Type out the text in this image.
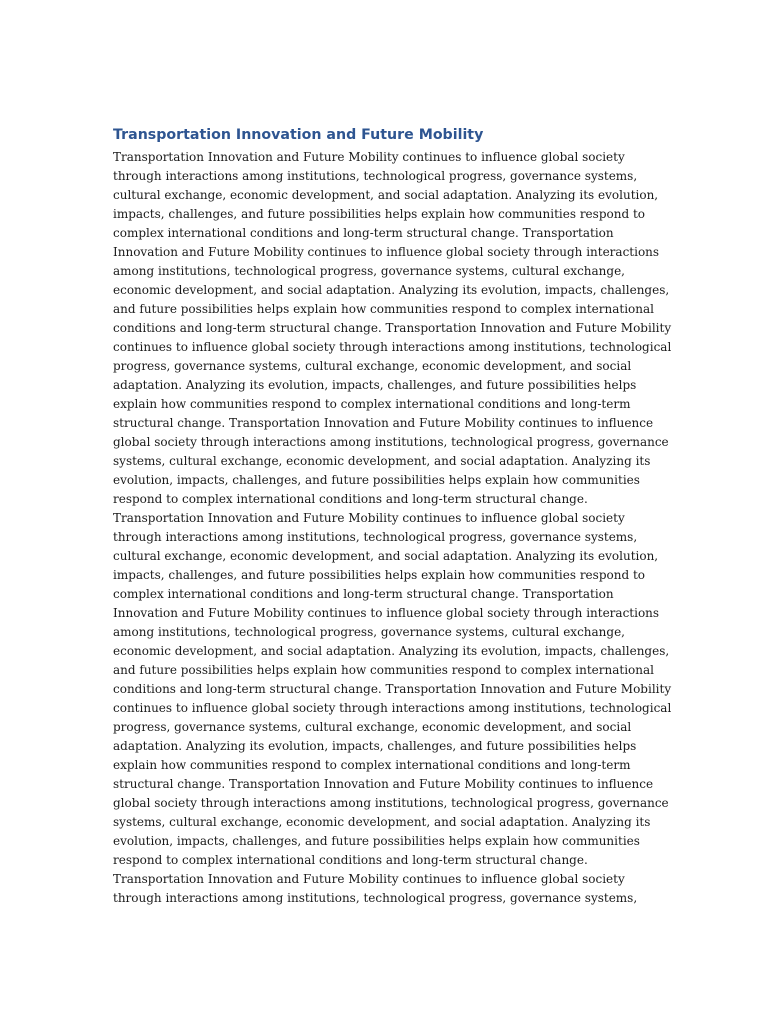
Transportation Innovation and Future Mobility
Transportation Innovation and Future Mobility continues to influence global society
through interactions among institutions, technological progress, governance systems,
cultural exchange, economic development, and social adaptation. Analyzing its evolution,
impacts, challenges, and future possibilities helps explain how communities respond to
complex international conditions and long-term structural change. Transportation
Innovation and Future Mobility continues to influence global society through interactions
among institutions, technological progress, governance systems, cultural exchange,
economic development, and social adaptation. Analyzing its evolution, impacts, challenges,
and future possibilities helps explain how communities respond to complex international
conditions and long-term structural change. Transportation Innovation and Future Mobility
continues to influence global society through interactions among institutions, technological
progress, governance systems, cultural exchange, economic development, and social
adaptation. Analyzing its evolution, impacts, challenges, and future possibilities helps
explain how communities respond to complex international conditions and long-term
structural change. Transportation Innovation and Future Mobility continues to influence
global society through interactions among institutions, technological progress, governance
systems, cultural exchange, economic development, and social adaptation. Analyzing its
evolution, impacts, challenges, and future possibilities helps explain how communities
respond to complex international conditions and long-term structural change.
Transportation Innovation and Future Mobility continues to influence global society
through interactions among institutions, technological progress, governance systems,
cultural exchange, economic development, and social adaptation. Analyzing its evolution,
impacts, challenges, and future possibilities helps explain how communities respond to
complex international conditions and long-term structural change. Transportation
Innovation and Future Mobility continues to influence global society through interactions
among institutions, technological progress, governance systems, cultural exchange,
economic development, and social adaptation. Analyzing its evolution, impacts, challenges,
and future possibilities helps explain how communities respond to complex international
conditions and long-term structural change. Transportation Innovation and Future Mobility
continues to influence global society through interactions among institutions, technological
progress, governance systems, cultural exchange, economic development, and social
adaptation. Analyzing its evolution, impacts, challenges, and future possibilities helps
explain how communities respond to complex international conditions and long-term
structural change. Transportation Innovation and Future Mobility continues to influence
global society through interactions among institutions, technological progress, governance
systems, cultural exchange, economic development, and social adaptation. Analyzing its
evolution, impacts, challenges, and future possibilities helps explain how communities
respond to complex international conditions and long-term structural change.
Transportation Innovation and Future Mobility continues to influence global society
through interactions among institutions, technological progress, governance systems,
